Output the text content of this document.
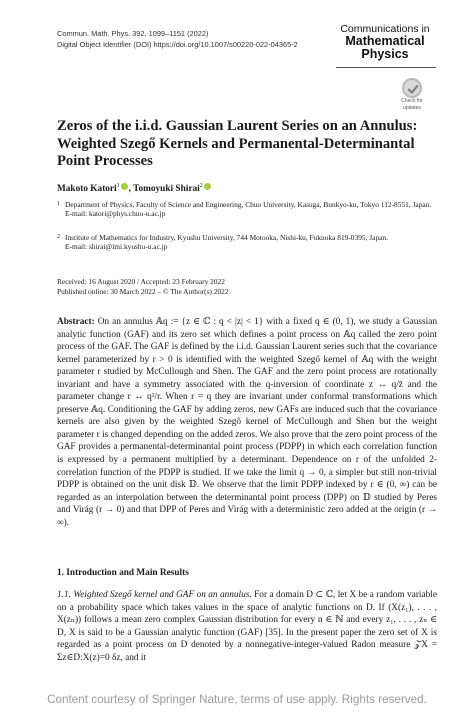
Commun. Math. Phys. 392, 1099–1151 (2022)
Digital Object Identifier (DOI) https://doi.org/10.1007/s00220-022-04365-2
Communications in
Mathematical
Physics
Check for
updates
Zeros of the i.i.d. Gaussian Laurent Series on an Annulus: Weighted Szegő Kernels and Permanental-Determinantal Point Processes
Makoto Katori$^1$ , Tomoyuki Shirai$^2$
1 Department of Physics, Faculty of Science and Engineering, Chuo University, Kasuga, Bunkyo-ku, Tokyo 112-8551, Japan.
E-mail: katori@phys.chuo-u.ac.jp
2 Institute of Mathematics for Industry, Kyushu University, 744 Motooka, Nishi-ku, Fukuoka 819-0395, Japan.
E-mail: shirai@imi.kyushu-u.ac.jp
Received: 16 August 2020 / Accepted: 23 February 2022
Published online: 30 March 2022 – © The Author(s) 2022
Abstract: On an annulus 𝔸q := {z ∈ ℂ : q < |z| < 1} with a fixed q ∈ (0, 1), we study a Gaussian analytic function (GAF) and its zero set which defines a point process on 𝔸q called the zero point process of the GAF. The GAF is defined by the i.i.d. Gaussian Laurent series such that the covariance kernel parameterized by r > 0 is identified with the weighted Szegő kernel of 𝔸q with the weight parameter r studied by McCullough and Shen. The GAF and the zero point process are rotationally invariant and have a symmetry associated with the q-inversion of coordinate z ↔ q/z̄ and the parameter change r ↔ q²/r. When r = q they are invariant under conformal transformations which preserve 𝔸q. Conditioning the GAF by adding zeros, new GAFs are induced such that the covariance kernels are also given by the weighted Szegő kernel of McCullough and Shen but the weight parameter r is changed depending on the added zeros. We also prove that the zero point process of the GAF provides a permanental-determinantal point process (PDPP) in which each correlation function is expressed by a permanent multiplied by a determinant. Dependence on r of the unfolded 2-correlation function of the PDPP is studied. If we take the limit q → 0, a simpler but still non-trivial PDPP is obtained on the unit disk 𝔻. We observe that the limit PDPP indexed by r ∈ (0, ∞) can be regarded as an interpolation between the determinantal point process (DPP) on 𝔻 studied by Peres and Virág (r → 0) and that DPP of Peres and Virág with a deterministic zero added at the origin (r → ∞).
1. Introduction and Main Results
1.1. Weighted Szegő kernel and GAF on an annulus. For a domain D ⊂ ℂ, let X be a random variable on a probability space which takes values in the space of analytic functions on D. If (X(z₁), . . . , X(zₙ)) follows a mean zero complex Gaussian distribution for every n ∈ ℕ and every z₁, . . . , zₙ ∈ D, X is said to be a Gaussian analytic function (GAF) [35]. In the present paper the zero set of X is regarded as a point process on D denoted by a nonnegative-integer-valued Radon measure 𝒵X = Σz∈D:X(z)=0 δz, and it
Content courtesy of Springer Nature, terms of use apply. Rights reserved.
